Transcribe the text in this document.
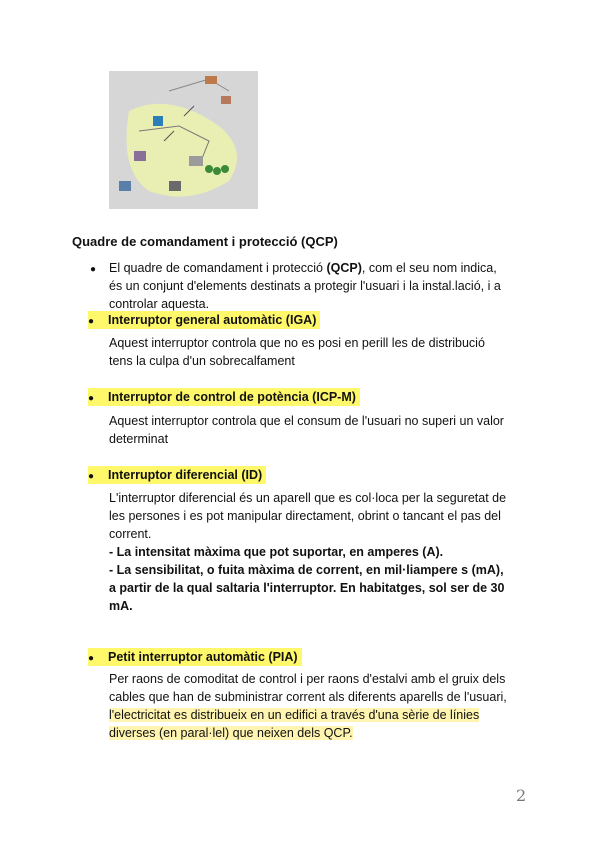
Quadre de comandament i protecció (QCP)
● El quadre de comandament i protecció (QCP), com el seu nom indica,
és un conjunt d'elements destinats a protegir l'usuari i la instal.lació, i a
controlar aquesta.
● Interruptor general automàtic (IGA)
Aquest interruptor controla que no es posi en perill les de distribució
tens la culpa d'un sobrecalfament
● Interruptor de control de potència (ICP-M)
Aquest interruptor controla que el consum de l'usuari no superi un valor
determinat
● Interruptor diferencial (ID)
L'interruptor diferencial és un aparell que es col·loca per la seguretat de
les persones i es pot manipular directament, obrint o tancant el pas del
corrent.
- La intensitat màxima que pot suportar, en amperes (A).
- La sensibilitat, o fuita màxima de corrent, en mil·liampere s (mA),
a partir de la qual saltaria l'interruptor. En habitatges, sol ser de 30
mA.
● Petit interruptor automàtic (PIA)
Per raons de comoditat de control i per raons d'estalvi amb el gruix dels
cables que han de subministrar corrent als diferents aparells de l'usuari,
l'electricitat es distribueix en un edifici a través d'una sèrie de línies
diverses (en paral·lel) que neixen dels QCP.
2
